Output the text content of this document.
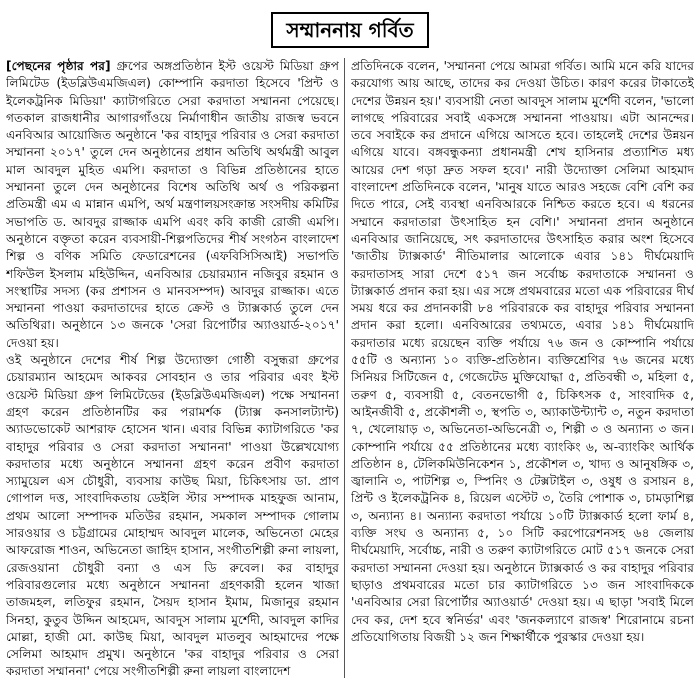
সম্মাননায় গর্বিত

[পেছনের পৃষ্ঠার পর] গ্রুপের অঙ্গপ্রতিষ্ঠান ইস্ট ওয়েস্ট মিডিয়া গ্রুপ লিমিটেড (ইডব্লিউএমজিএল) কোম্পানি করদাতা হিসেবে 'প্রিন্ট ও ইলেকট্রনিক মিডিয়া' ক্যাটাগরিতে সেরা করদাতা সম্মাননা পেয়েছে। গতকাল রাজধানীর আগারগাঁওয়ে নির্মাণাধীন জাতীয় রাজস্ব ভবনে এনবিআর আয়োজিত অনুষ্ঠানে 'কর বাহাদুর পরিবার ও সেরা করদাতা সম্মাননা ২০১৭' তুলে দেন অনুষ্ঠানের প্রধান অতিথি অর্থমন্ত্রী আবুল মাল আবদুল মুহিত এমপি। করদাতা ও বিভিন্ন প্রতিষ্ঠানের হাতে সম্মাননা তুলে দেন অনুষ্ঠানের বিশেষ অতিথি অর্থ ও পরিকল্পনা প্রতিমন্ত্রী এম এ মান্নান এমপি, অর্থ মন্ত্রণালয়সংক্রান্ত সংসদীয় কমিটির সভাপতি ড. আবদুর রাজ্জাক এমপি এবং কবি কাজী রোজী এমপি। অনুষ্ঠানে বক্তৃতা করেন ব্যবসায়ী-শিল্পপতিদের শীর্ষ সংগঠন বাংলাদেশ শিল্প ও বণিক সমিতি ফেডারেশনের (এফবিসিসিআই) সভাপতি শফিউল ইসলাম মহিউদ্দিন, এনবিআর চেয়ারম্যান নজিবুর রহমান ও সংস্থাটির সদস্য (কর প্রশাসন ও মানবসম্পদ) আবদুর রাজ্জাক। এতে সম্মাননা পাওয়া করদাতাদের হাতে ক্রেস্ট ও ট্যাক্সকার্ড তুলে দেন অতিথিরা। অনুষ্ঠানে ১৩ জনকে 'সেরা রিপোর্টার অ্যাওয়ার্ড-২০১৭' দেওয়া হয়।

ওই অনুষ্ঠানে দেশের শীর্ষ শিল্প উদ্যোক্তা গোষ্ঠী বসুন্ধরা গ্রুপের চেয়ারম্যান আহমেদ আকবর সোবহান ও তার পরিবার এবং ইস্ট ওয়েস্ট মিডিয়া গ্রুপ লিমিটেডের (ইডব্লিউএমজিএল) পক্ষে সম্মাননা গ্রহণ করেন প্রতিষ্ঠানটির কর পরামর্শক (ট্যাক্স কনসালট্যান্ট) অ্যাডভোকেট আশরাফ হোসেন খান। এবার বিভিন্ন ক্যাটাগরিতে 'কর বাহাদুর পরিবার ও সেরা করদাতা সম্মাননা' পাওয়া উল্লেখযোগ্য করদাতার মধ্যে অনুষ্ঠানে সম্মাননা গ্রহণ করেন প্রবীণ করদাতা স্যামুয়েল এস চৌধুরী, ব্যবসায় কাউছ মিয়া, চিকিৎসায় ডা. প্রাণ গোপাল দত্ত, সাংবাদিকতায় ডেইলি স্টার সম্পাদক মাহফুজ আনাম, প্রথম আলো সম্পাদক মতিউর রহমান, সমকাল সম্পাদক গোলাম সারওয়ার ও চট্টগ্রামের মোহাম্মদ আবদুল মালেক, অভিনেতা মেহের আফরোজ শাওন, অভিনেতা জাহিদ হাসান, সংগীতশিল্পী রুনা লায়লা, রেজওয়ানা চৌধুরী বন্যা ও এস ডি রুবেল। কর বাহাদুর পরিবারগুলোর মধ্যে অনুষ্ঠানে সম্মাননা গ্রহণকারী হলেন খাজা তাজমহল, লতিফুর রহমান, সৈয়দ হাসান ইমাম, মিজানুর রহমান সিনহা, কুতুব উদ্দিন আহমেদ, আবদুস সালাম মুর্শেদী, আবদুল কাদির মোল্লা, হাজী মো. কাউছ মিয়া, আবদুল মাতলুব আহমাদের পক্ষে সেলিমা আহমাদ প্রমুখ। অনুষ্ঠানে 'কর বাহাদুর পরিবার ও সেরা করদাতা সম্মাননা' পেয়ে সংগীতশিল্পী রুনা লায়লা বাংলাদেশ

প্রতিদিনকে বলেন, 'সম্মাননা পেয়ে আমরা গর্বিত। আমি মনে করি যাদের করযোগ্য আয় আছে, তাদের কর দেওয়া উচিত। কারণ করের টাকাতেই দেশের উন্নয়ন হয়।' ব্যবসায়ী নেতা আবদুস সালাম মুর্শেদী বলেন, 'ভালো লাগছে পরিবারের সবাই একসঙ্গে সম্মাননা পাওয়ায়। এটা আনন্দের। তবে সবাইকে কর প্রদানে এগিয়ে আসতে হবে। তাহলেই দেশের উন্নয়ন এগিয়ে যাবে। বঙ্গবন্ধুকন্যা প্রধানমন্ত্রী শেখ হাসিনার প্রত্যাশিত মধ্য আয়ের দেশ গড়া দ্রুত সফল হবে।' নারী উদ্যোক্তা সেলিমা আহমাদ বাংলাদেশ প্রতিদিনকে বলেন, 'মানুষ যাতে আরও সহজে বেশি বেশি কর দিতে পারে, সেই ব্যবস্থা এনবিআরকে নিশ্চিত করতে হবে। এ ধরনের সম্মানে করদাতারা উৎসাহিত হন বেশি।' সম্মাননা প্রদান অনুষ্ঠানে এনবিআর জানিয়েছে, সৎ করদাতাদের উৎসাহিত করার অংশ হিসেবে 'জাতীয় ট্যাক্সকার্ড' নীতিমালার আলোকে এবার ১৪১ দীর্ঘমেয়াদি করদাতাসহ সারা দেশে ৫১৭ জন সর্বোচ্চ করদাতাকে সম্মাননা ও ট্যাক্সকার্ড প্রদান করা হয়। এর সঙ্গে প্রথমবারের মতো এক পরিবারের দীর্ঘ সময় ধরে কর প্রদানকারী ৮৪ পরিবারকে কর বাহাদুর পরিবার সম্মাননা প্রদান করা হলো। এনবিআরের তথ্যমতে, এবার ১৪১ দীর্ঘমেয়াদি করদাতার মধ্যে রয়েছেন ব্যক্তি পর্যায়ে ৭৬ জন ও কোম্পানি পর্যায়ে ৫৫টি ও অন্যান্য ১০ ব্যক্তি-প্রতিষ্ঠান। ব্যক্তিশ্রেণির ৭৬ জনের মধ্যে সিনিয়র সিটিজেন ৫, গেজেটেড মুক্তিযোদ্ধা ৫, প্রতিবন্ধী ৩, মহিলা ৫, তরুণ ৫, ব্যবসায়ী ৫, বেতনভোগী ৫, চিকিৎসক ৫, সাংবাদিক ৫, আইনজীবী ৫, প্রকৌশলী ৩, স্থপতি ৩, অ্যাকাউন্ট্যান্ট ৩, নতুন করদাতা ৭, খেলোয়াড় ৩, অভিনেতা-অভিনেত্রী ৩, শিল্পী ৩ ও অন্যান্য ৩ জন। কোম্পানি পর্যায়ে ৫৫ প্রতিষ্ঠানের মধ্যে ব্যাংকিং ৬, অ-ব্যাংকিং আর্থিক প্রতিষ্ঠান ৪, টেলিকমিউনিকেশন ১, প্রকৌশল ৩, খাদ্য ও আনুষঙ্গিক ৩, জ্বালানি ৩, পাটশিল্প ৩, স্পিনিং ও টেক্সটাইল ৩, ওষুধ ও রসায়ন ৪, প্রিন্ট ও ইলেকট্রনিক ৪, রিয়েল এস্টেট ৩, তৈরি পোশাক ৩, চামড়াশিল্প ৩, অন্যান্য ৪। অন্যান্য করদাতা পর্যায়ে ১০টি ট্যাক্সকার্ড হলো ফার্ম ৪, ব্যক্তি সংঘ ও অন্যান্য ৫, ১০ সিটি করপোরেশনসহ ৬৪ জেলায় দীর্ঘমেয়াদি, সর্বোচ্চ, নারী ও তরুণ ক্যাটাগরিতে মোট ৫১৭ জনকে সেরা করদাতা সম্মাননা দেওয়া হয়। অনুষ্ঠানে ট্যাক্সকার্ড ও কর বাহাদুর পরিবার ছাড়াও প্রথমবারের মতো চার ক্যাটাগরিতে ১৩ জন সাংবাদিককে 'এনবিআর সেরা রিপোর্টার অ্যাওয়ার্ড' দেওয়া হয়। এ ছাড়া 'সবাই মিলে দেব কর, দেশ হবে স্বনির্ভর' এবং 'জনকল্যাণে রাজস্ব' শিরোনামে রচনা প্রতিযোগিতায় বিজয়ী ১২ জন শিক্ষার্থীকে পুরস্কার দেওয়া হয়।
